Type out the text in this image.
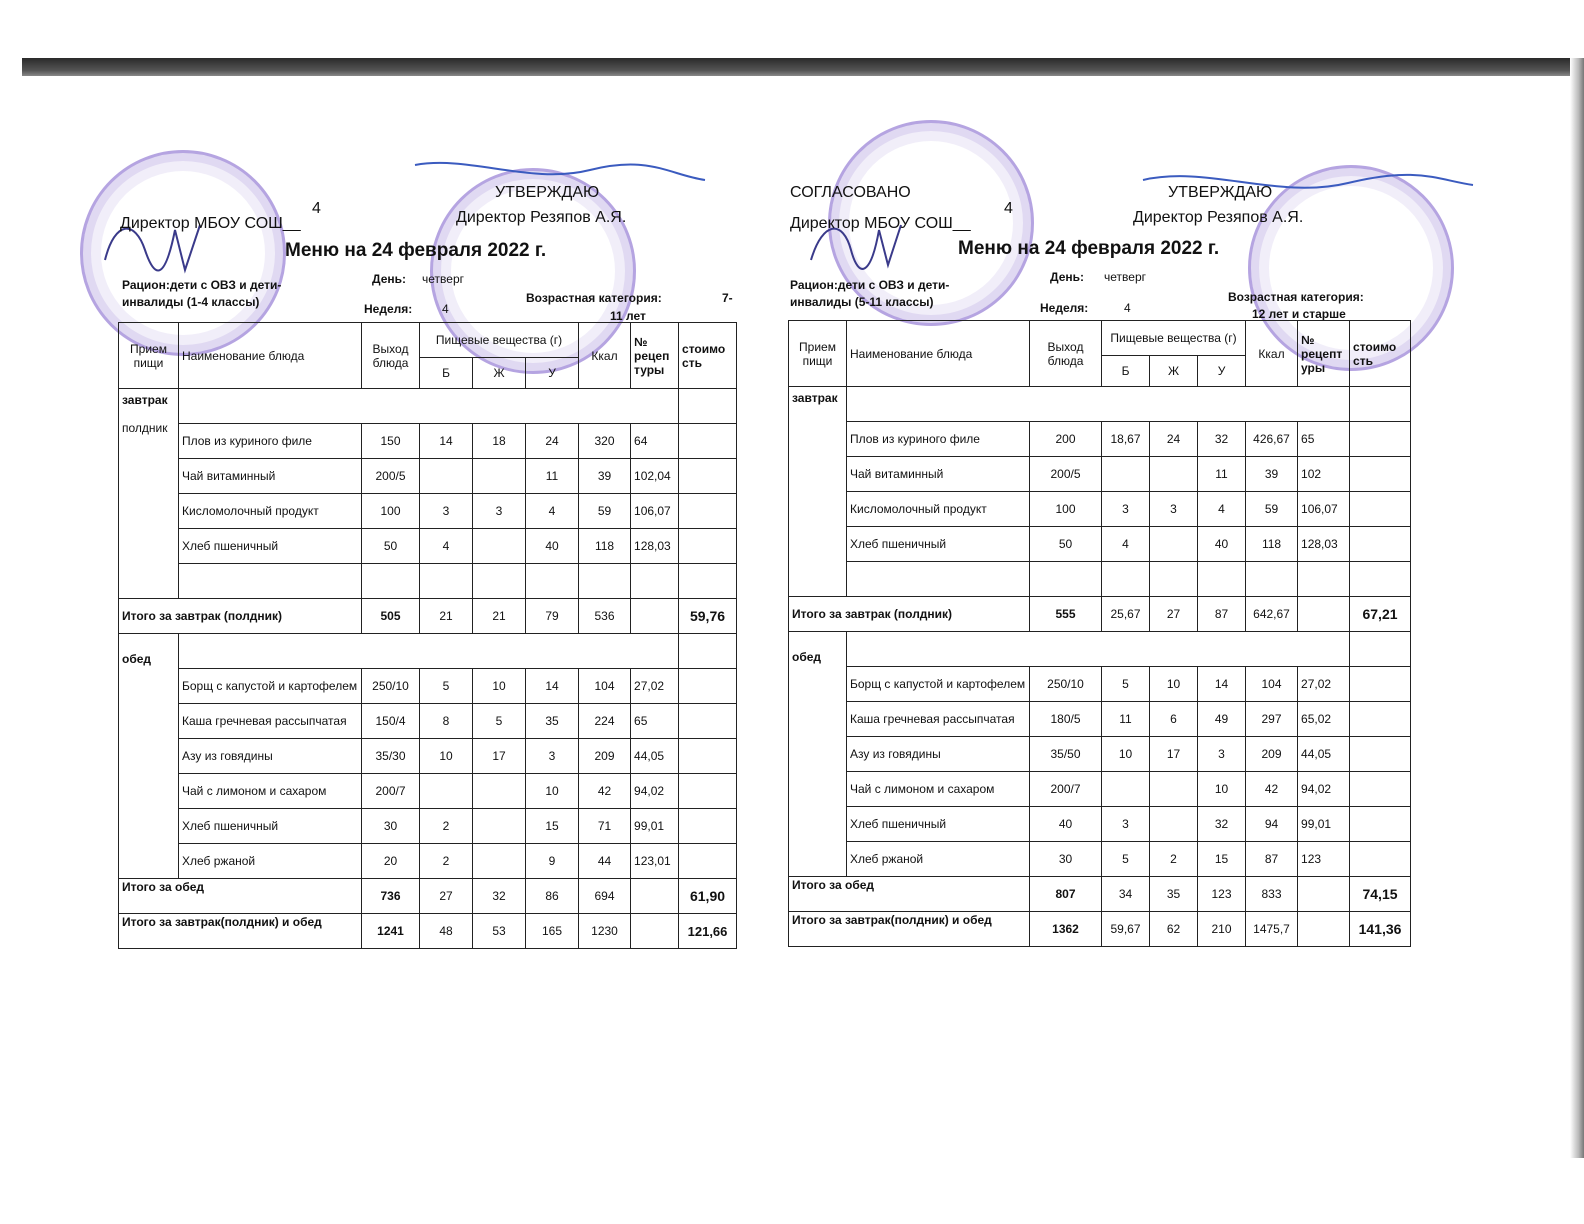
4
УТВЕРЖДАЮ
Директор МБОУ СОШ__	Директор Резяпов А.Я.
Меню на 24 февраля 2022 г.
Рацион:дети с ОВЗ и дети-
инвалиды (1-4 классы)
День: четверг
Неделя: 4
Возрастная категория:	7-
11 лет
Прием пищи	Наименование блюда	Выход блюда	Пищевые вещества (г)			Ккал	№ рецеп туры	стоимо сть
			Б	Ж	У			

завтрак
полдник								

	Плов из куриного филе	150	14	18	24	320	64	
	Чай витаминный	200/5			11	39	102,04	
	Кисломолочный продукт	100	3	3	4	59	106,07	
	Хлеб пшеничный	50	4		40	118	128,03	

Итого за завтрак (полдник)		505	21	21	79	536		59,76
обед								
	Борщ с капустой и картофелем	250/10	5	10	14	104	27,02	
	Каша гречневая рассыпчатая	150/4	8	5	35	224	65	
	Азу из говядины	35/30	10	17	3	209	44,05	
	Чай с лимоном и сахаром	200/7			10	42	94,02	
	Хлеб пшеничный	30	2		15	71	99,01	
	Хлеб ржаной	20	2		9	44	123,01	
Итого за обед		736	27	32	86	694		61,90
Итого за завтрак(полдник) и обед		1241	48	53	165	1230		121,66
СОГЛАСОВАНО
4
УТВЕРЖДАЮ
Директор МБОУ СОШ__	Директор Резяпов А.Я.
Меню на 24 февраля 2022 г.
Рацион:дети с ОВЗ и дети-
инвалиды (5-11 классы)
День: четверг
Неделя:	4
Возрастная категория:
12 лет и старше
Прием пищи	Наименование блюда	Выход блюда	Пищевые вещества (г)			Ккал	№ рецепт уры	стоимо сть
			Б	Ж	У			

завтрак								

	Плов из куриного филе	200	18,67	24	32	426,67	65	
	Чай витаминный	200/5			11	39	102	
	Кисломолочный продукт	100	3	3	4	59	106,07	
	Хлеб пшеничный	50	4		40	118	128,03	

Итого за завтрак (полдник)		555	25,67	27	87	642,67		67,21
обед								
	Борщ с капустой и картофелем	250/10	5	10	14	104	27,02	
	Каша гречневая рассыпчатая	180/5	11	6	49	297	65,02	
	Азу из говядины	35/50	10	17	3	209	44,05	
	Чай с лимоном и сахаром	200/7			10	42	94,02	
	Хлеб пшеничный	40	3		32	94	99,01	
	Хлеб ржаной	30	5	2	15	87	123	
Итого за обед		807	34	35	123	833		74,15
Итого за завтрак(полдник) и обед		1362	59,67	62	210	1475,7		141,36
